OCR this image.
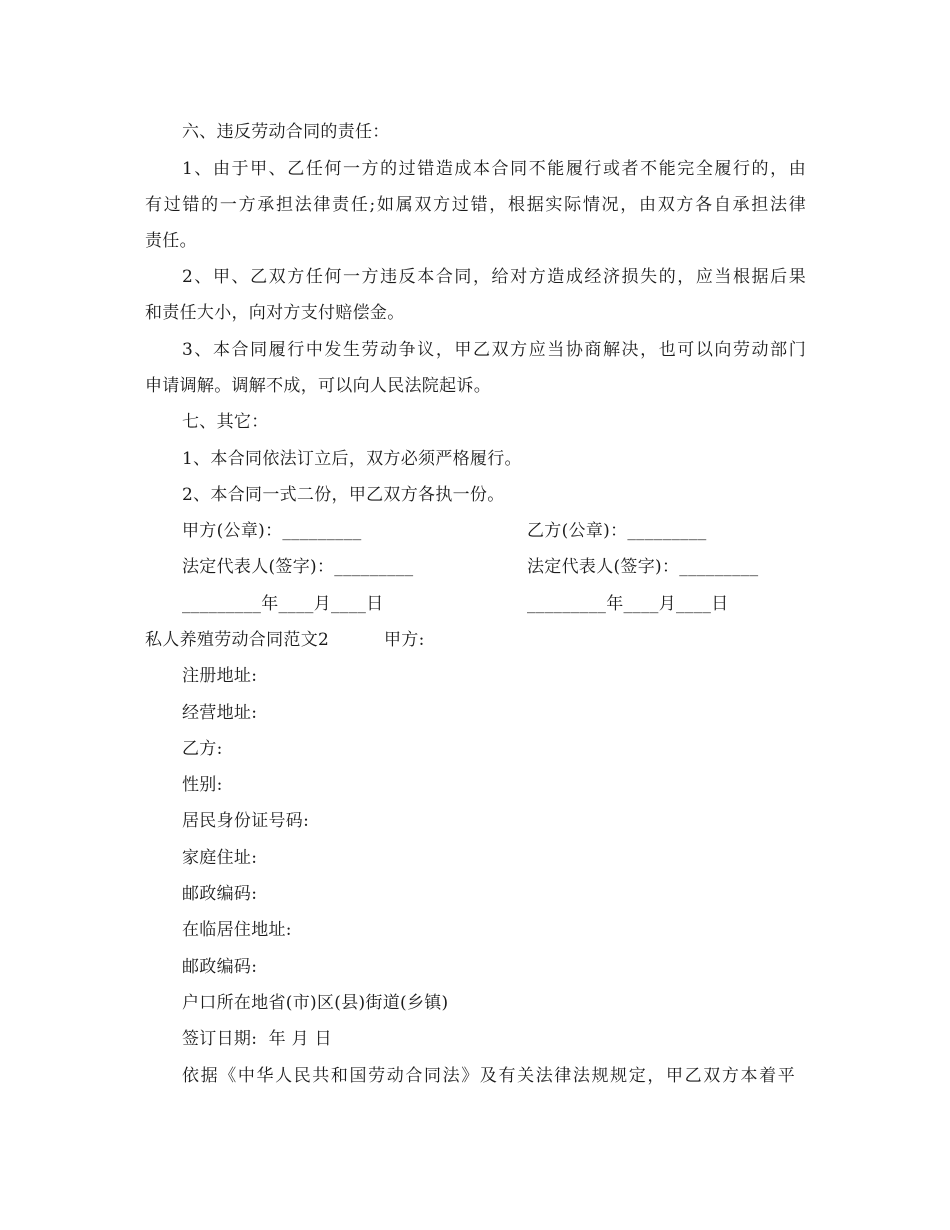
六、违反劳动合同的责任：
1、由于甲、乙任何一方的过错造成本合同不能履行或者不能完全履行的，由
有过错的一方承担法律责任;如属双方过错，根据实际情况，由双方各自承担法律
责任。
2、甲、乙双方任何一方违反本合同，给对方造成经济损失的，应当根据后果
和责任大小，向对方支付赔偿金。
3、本合同履行中发生劳动争议，甲乙双方应当协商解决，也可以向劳动部门
申请调解。调解不成，可以向人民法院起诉。
七、其它：
1、本合同依法订立后，双方必须严格履行。
2、本合同一式二份，甲乙双方各执一份。
甲方(公章)：_________	乙方(公章)：_________
法定代表人(签字)：_________	法定代表人(签字)：_________
_________年____月____日	_________年____月____日
私人养殖劳动合同范文2	甲方:
注册地址:
经营地址:
乙方:
性别:
居民身份证号码:
家庭住址:
邮政编码:
在临居住地址:
邮政编码:
户口所在地省(市)区(县)街道(乡镇)
签订日期:  年 月 日
依据《中华人民共和国劳动合同法》及有关法律法规规定，甲乙双方本着平
